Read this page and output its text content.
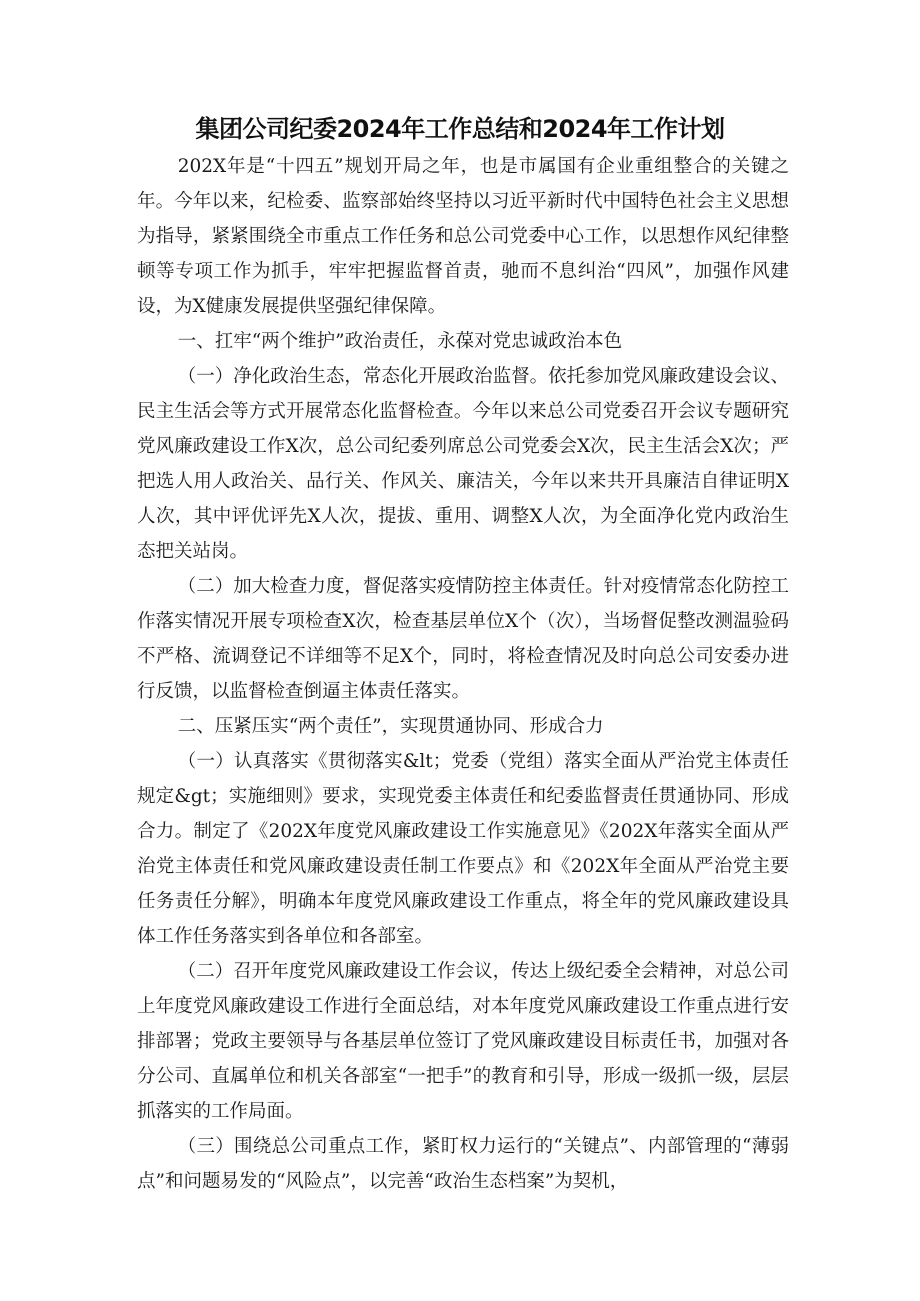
集团公司纪委2024年工作总结和2024年工作计划

202X年是“十四五”规划开局之年，也是市属国有企业重组整合的关键之年。今年以来，纪检委、监察部始终坚持以习近平新时代中国特色社会主义思想为指导，紧紧围绕全市重点工作任务和总公司党委中心工作，以思想作风纪律整顿等专项工作为抓手，牢牢把握监督首责，驰而不息纠治“四风”，加强作风建设，为X健康发展提供坚强纪律保障。

一、扛牢“两个维护”政治责任，永葆对党忠诚政治本色

（一）净化政治生态，常态化开展政治监督。依托参加党风廉政建设会议、民主生活会等方式开展常态化监督检查。今年以来总公司党委召开会议专题研究党风廉政建设工作X次，总公司纪委列席总公司党委会X次，民主生活会X次；严把选人用人政治关、品行关、作风关、廉洁关，今年以来共开具廉洁自律证明X人次，其中评优评先X人次，提拔、重用、调整X人次，为全面净化党内政治生态把关站岗。

（二）加大检查力度，督促落实疫情防控主体责任。针对疫情常态化防控工作落实情况开展专项检查X次，检查基层单位X个（次），当场督促整改测温验码不严格、流调登记不详细等不足X个，同时，将检查情况及时向总公司安委办进行反馈，以监督检查倒逼主体责任落实。

二、压紧压实“两个责任”，实现贯通协同、形成合力

（一）认真落实《贯彻落实&lt；党委（党组）落实全面从严治党主体责任规定&gt；实施细则》要求，实现党委主体责任和纪委监督责任贯通协同、形成合力。制定了《202X年度党风廉政建设工作实施意见》《202X年落实全面从严治党主体责任和党风廉政建设责任制工作要点》和《202X年全面从严治党主要任务责任分解》，明确本年度党风廉政建设工作重点，将全年的党风廉政建设具体工作任务落实到各单位和各部室。

（二）召开年度党风廉政建设工作会议，传达上级纪委全会精神，对总公司上年度党风廉政建设工作进行全面总结，对本年度党风廉政建设工作重点进行安排部署；党政主要领导与各基层单位签订了党风廉政建设目标责任书，加强对各分公司、直属单位和机关各部室“一把手”的教育和引导，形成一级抓一级，层层抓落实的工作局面。

（三）围绕总公司重点工作，紧盯权力运行的“关键点”、内部管理的“薄弱点”和问题易发的“风险点”，以完善“政治生态档案”为契机，
